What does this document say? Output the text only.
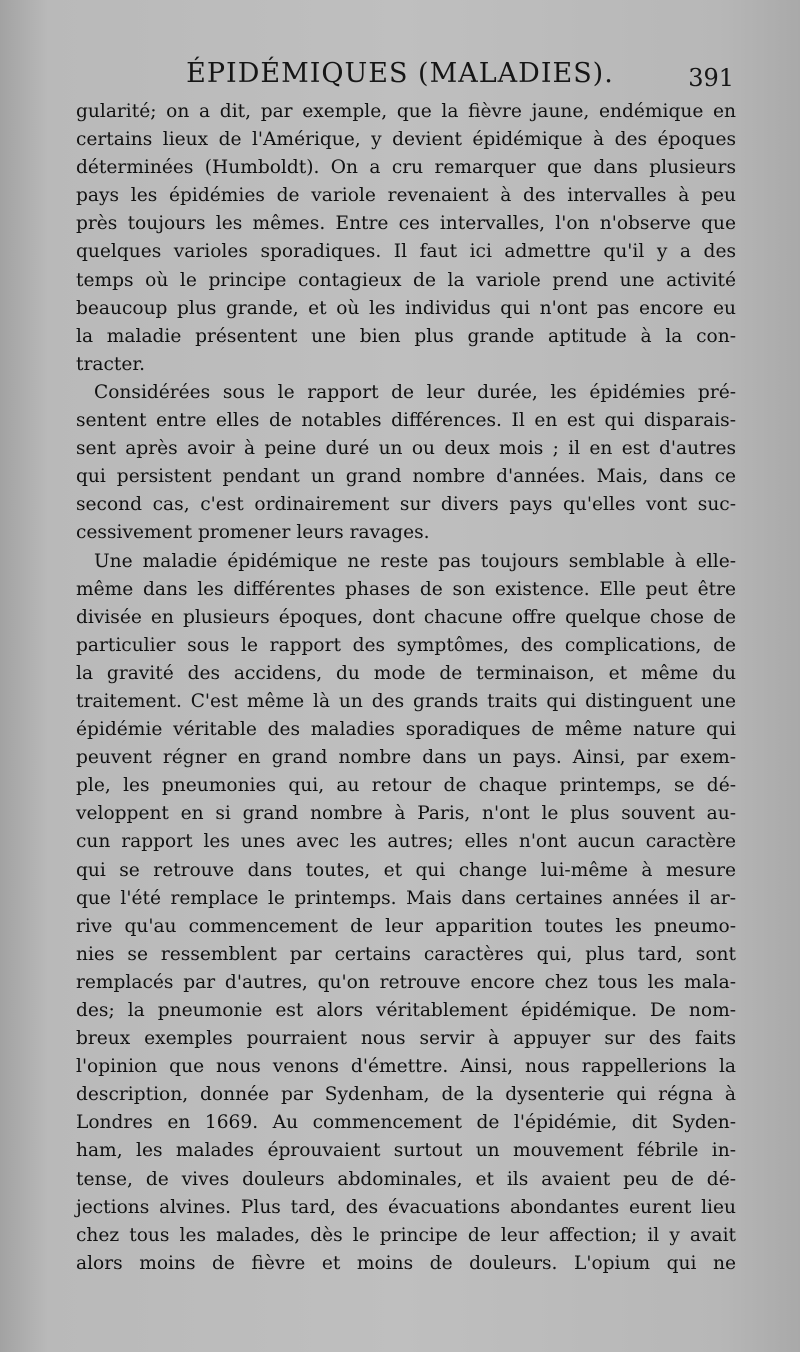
ÉPIDÉMIQUES (MALADIES).	391
gularité; on a dit, par exemple, que la fièvre jaune, endémique en
certains lieux de l'Amérique, y devient épidémique à des époques
déterminées (Humboldt). On a cru remarquer que dans plusieurs
pays les épidémies de variole revenaient à des intervalles à peu
près toujours les mêmes. Entre ces intervalles, l'on n'observe que
quelques varioles sporadiques. Il faut ici admettre qu'il y a des
temps où le principe contagieux de la variole prend une activité
beaucoup plus grande, et où les individus qui n'ont pas encore eu
la maladie présentent une bien plus grande aptitude à la con-
tracter.
Considérées sous le rapport de leur durée, les épidémies pré-
sentent entre elles de notables différences. Il en est qui disparais-
sent après avoir à peine duré un ou deux mois ; il en est d'autres
qui persistent pendant un grand nombre d'années. Mais, dans ce
second cas, c'est ordinairement sur divers pays qu'elles vont suc-
cessivement promener leurs ravages.
Une maladie épidémique ne reste pas toujours semblable à elle-
même dans les différentes phases de son existence. Elle peut être
divisée en plusieurs époques, dont chacune offre quelque chose de
particulier sous le rapport des symptômes, des complications, de
la gravité des accidens, du mode de terminaison, et même du
traitement. C'est même là un des grands traits qui distinguent une
épidémie véritable des maladies sporadiques de même nature qui
peuvent régner en grand nombre dans un pays. Ainsi, par exem-
ple, les pneumonies qui, au retour de chaque printemps, se dé-
veloppent en si grand nombre à Paris, n'ont le plus souvent au-
cun rapport les unes avec les autres; elles n'ont aucun caractère
qui se retrouve dans toutes, et qui change lui-même à mesure
que l'été remplace le printemps. Mais dans certaines années il ar-
rive qu'au commencement de leur apparition toutes les pneumo-
nies se ressemblent par certains caractères qui, plus tard, sont
remplacés par d'autres, qu'on retrouve encore chez tous les mala-
des; la pneumonie est alors véritablement épidémique. De nom-
breux exemples pourraient nous servir à appuyer sur des faits
l'opinion que nous venons d'émettre. Ainsi, nous rappellerions la
description, donnée par Sydenham, de la dysenterie qui régna à
Londres en 1669. Au commencement de l'épidémie, dit Syden-
ham, les malades éprouvaient surtout un mouvement fébrile in-
tense, de vives douleurs abdominales, et ils avaient peu de dé-
jections alvines. Plus tard, des évacuations abondantes eurent lieu
chez tous les malades, dès le principe de leur affection; il y avait
alors moins de fièvre et moins de douleurs. L'opium qui ne
